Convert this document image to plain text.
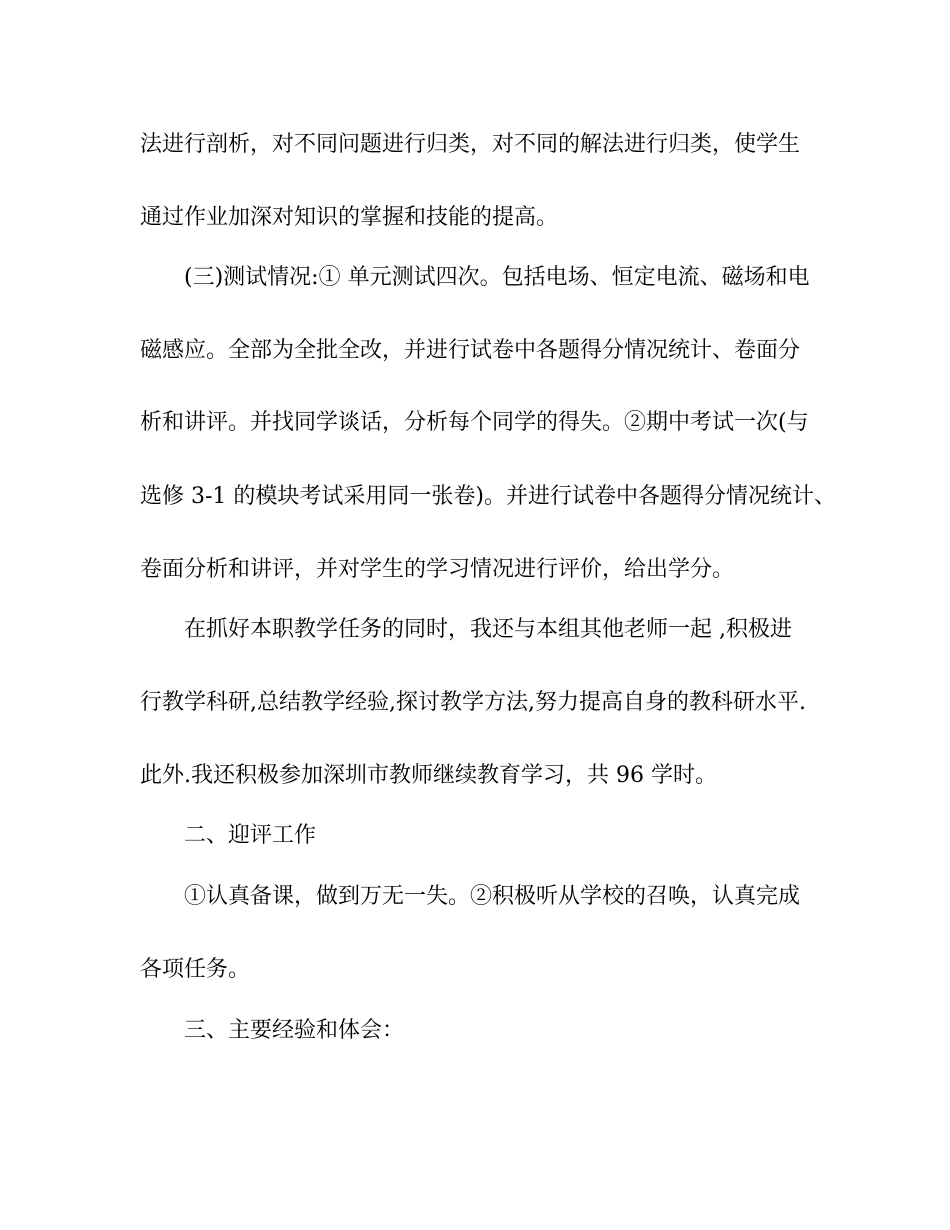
法进行剖析，对不同问题进行归类，对不同的解法进行归类，使学生
通过作业加深对知识的掌握和技能的提高。
(三)测试情况:① 单元测试四次。包括电场、恒定电流、磁场和电
磁感应。全部为全批全改，并进行试卷中各题得分情况统计、卷面分
析和讲评。并找同学谈话，分析每个同学的得失。②期中考试一次(与
选修 3-1 的模块考试采用同一张卷)。并进行试卷中各题得分情况统计、
卷面分析和讲评，并对学生的学习情况进行评价，给出学分。
在抓好本职教学任务的同时，我还与本组其他老师一起 ,积极进
行教学科研,总结教学经验,探讨教学方法,努力提高自身的教科研水平.
此外.我还积极参加深圳市教师继续教育学习，共 96 学时。
二、迎评工作
①认真备课，做到万无一失。②积极听从学校的召唤，认真完成
各项任务。
三、主要经验和体会：
